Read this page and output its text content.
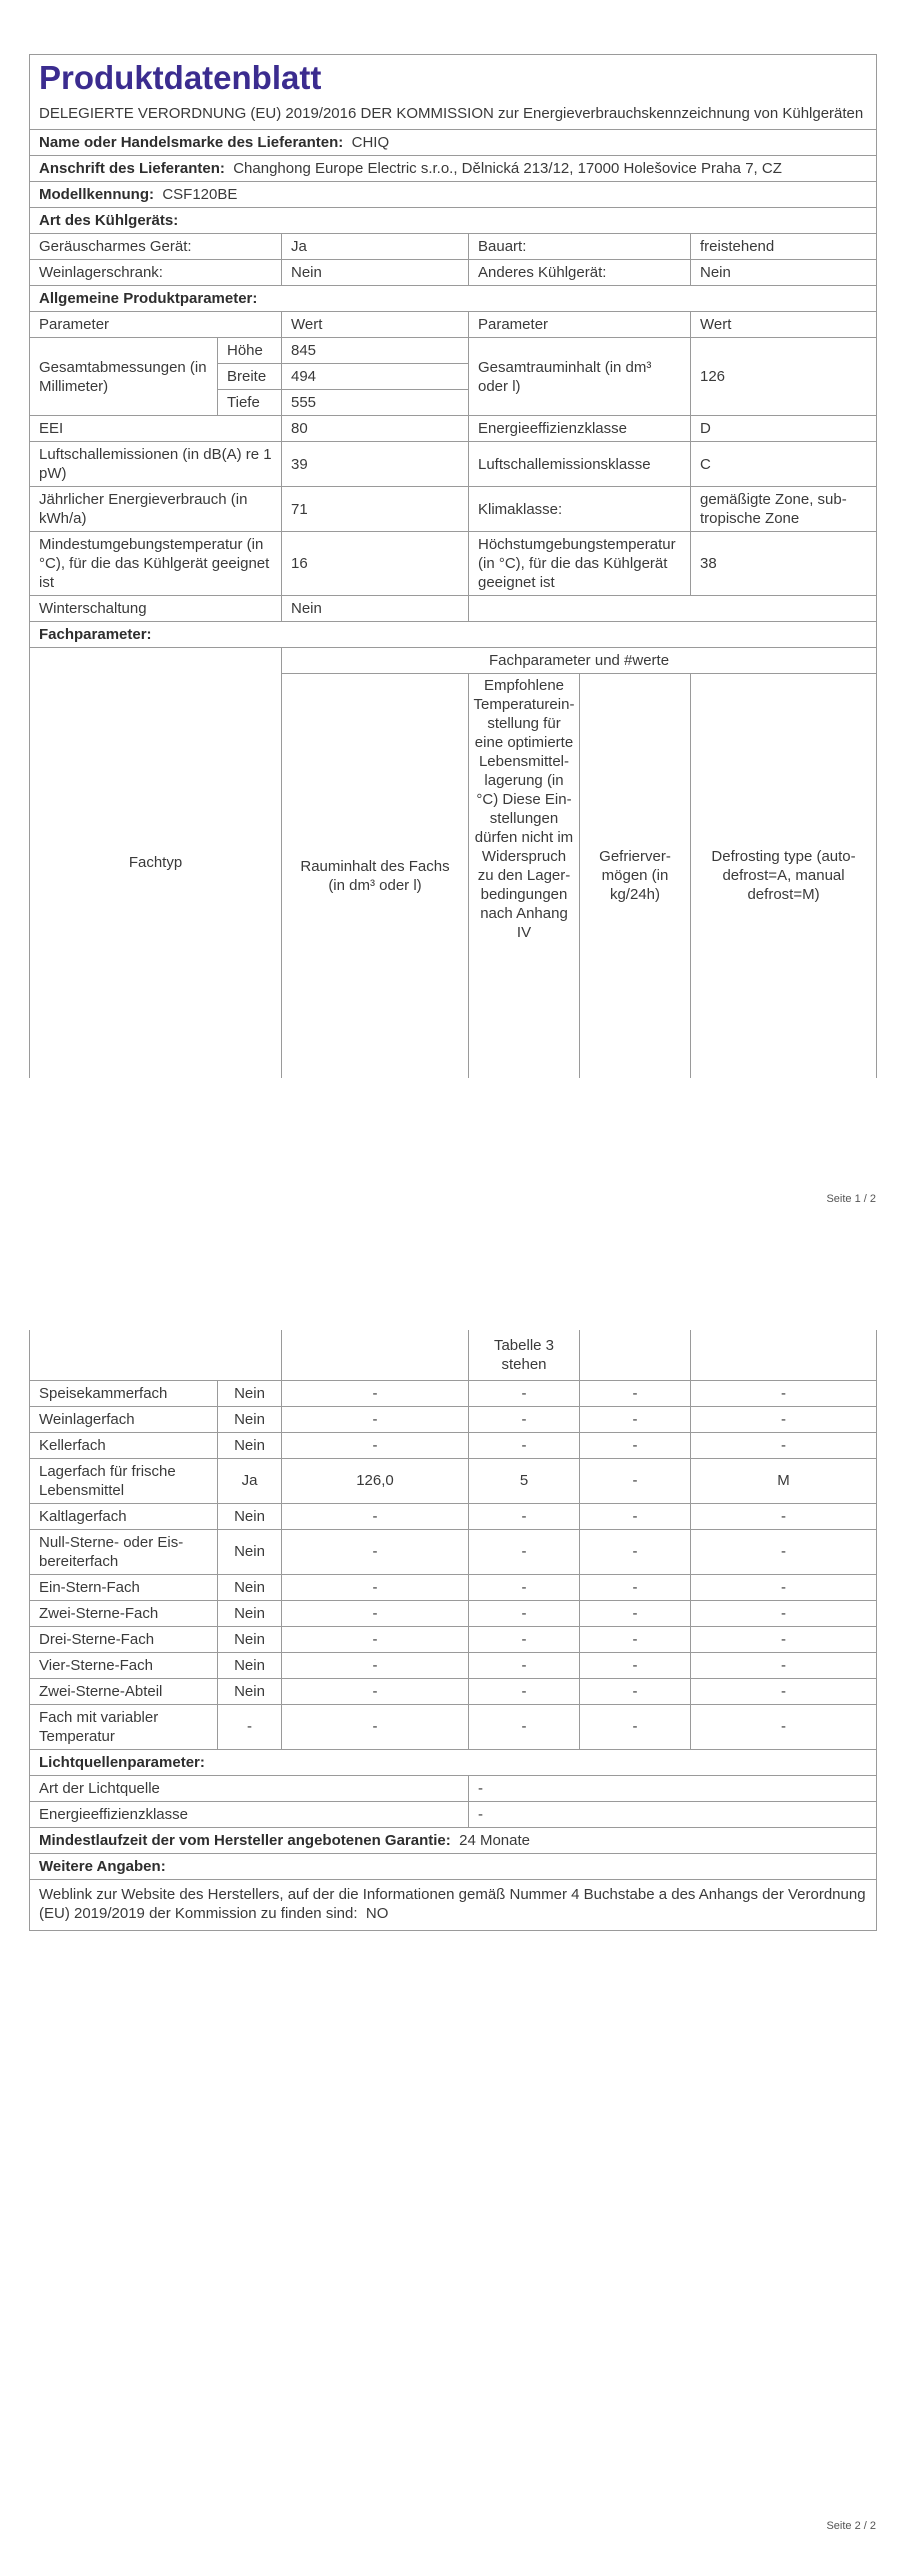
Produktdatenblatt
DELEGIERTE VERORDNUNG (EU) 2019/2016 DER KOMMISSION zur Energieverbrauchskennzeichnung von Kühlgeräten
Name oder Handelsmarke des Lieferanten: CHIQ
Anschrift des Lieferanten: Changhong Europe Electric s.r.o., Dělnická 213/12, 17000 Holešovice Praha 7, CZ
Modellkennung: CSF120BE
Art des Kühlgeräts:			
Geräuscharmes Gerät:	Ja	Bauart:	freistehend
Weinlagerschrank:	Nein	Anderes Kühlgerät:	Nein
Allgemeine Produktparameter:				
Parameter		Wert	Parameter	Wert
Gesamtabmessungen (in Millimeter)	Höhe	845	Gesamtrauminhalt (in dm³ oder l)	126
	Breite	494		
	Tiefe	555		
EEI		80	Energieeffizienzklasse	D
Luftschallemissionen (in dB(A) re 1 pW)		39	Luftschallemissionsklasse	C
Jährlicher Energieverbrauch (in kWh/a)		71	Klimaklasse:	gemäßigte Zone, subtropische Zone
Mindestumgebungstemperatur (in °C), für die das Kühlgerät geeignet ist		16	Höchstumgebungstemperatur (in °C), für die das Kühlgerät geeignet ist	38
Winterschaltung		Nein		
Fachparameter:				
Fachtyp	Fachparameter und #werte			
	Rauminhalt des Fachs (in dm³ oder l)	Empfohlene Temperatureinstellung für eine optimierte Lebensmittellagerung (in °C) Diese Einstellungen dürfen nicht im Widerspruch zu den Lagerbedingungen nach Anhang IV	Gefriervermögen (in kg/24h)	Defrosting type (auto-defrost=A, manual defrost=M)
Seite 1 / 2
			Tabelle 3 stehen		
Speisekammerfach	Nein	-	-	-	-
Weinlagerfach	Nein	-	-	-	-
Kellerfach	Nein	-	-	-	-
Lagerfach für frische Lebensmittel	Ja	126,0	5	-	M
Kaltlagerfach	Nein	-	-	-	-
Null-Sterne- oder Eisbereiterfach	Nein	-	-	-	-
Ein-Stern-Fach	Nein	-	-	-	-
Zwei-Sterne-Fach	Nein	-	-	-	-
Drei-Sterne-Fach	Nein	-	-	-	-
Vier-Sterne-Fach	Nein	-	-	-	-
Zwei-Sterne-Abteil	Nein	-	-	-	-
Fach mit variabler Temperatur	-	-	-	-	-
Lichtquellenparameter:	
Art der Lichtquelle	-
Energieeffizienzklasse	-
Mindestlaufzeit der vom Hersteller angebotenen Garantie: 24 Monate
Weitere Angaben:
Weblink zur Website des Herstellers, auf der die Informationen gemäß Nummer 4 Buchstabe a des Anhangs der Verordnung (EU) 2019/2019 der Kommission zu finden sind: NO
Seite 2 / 2
